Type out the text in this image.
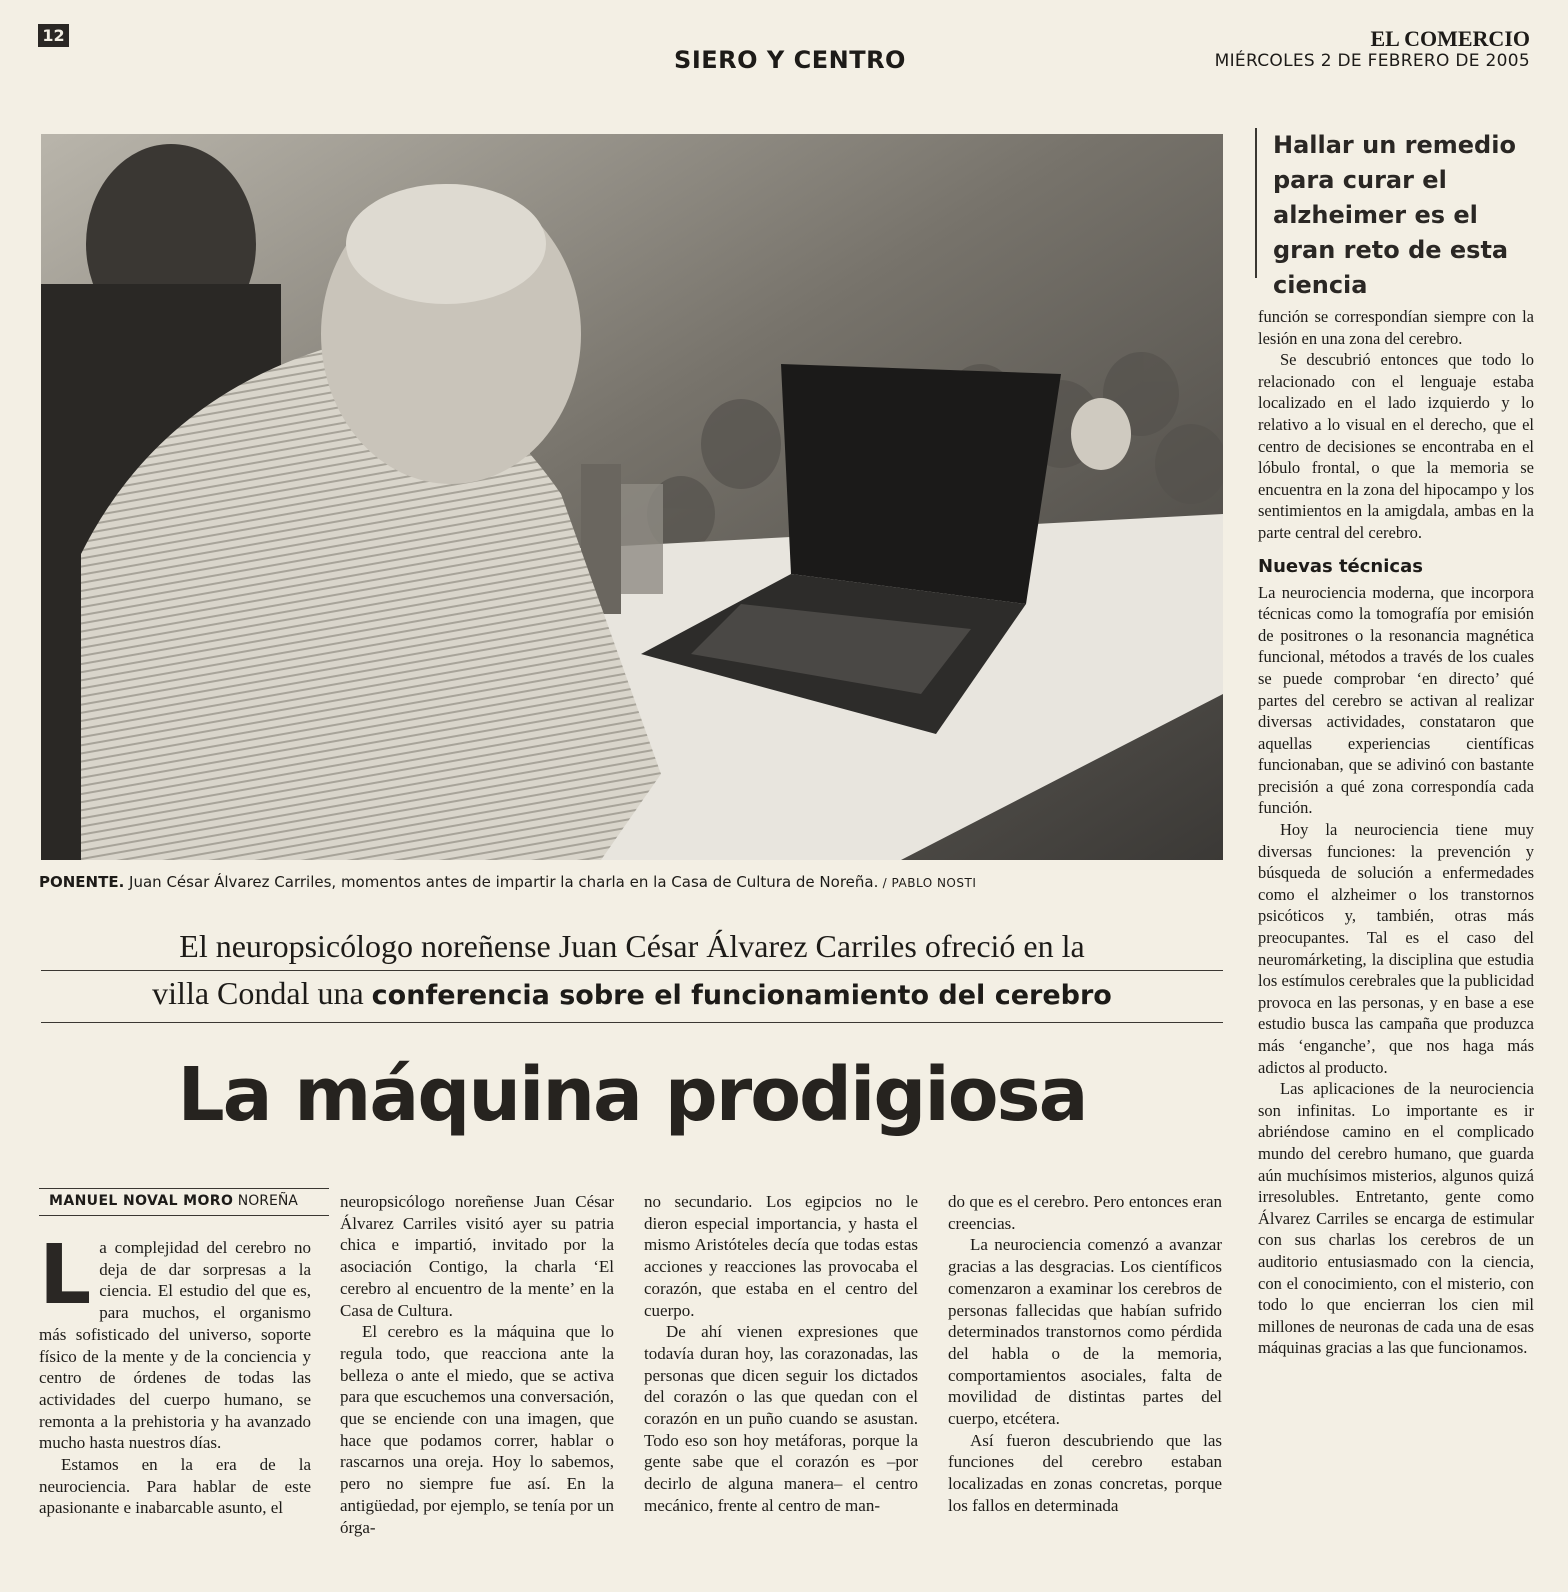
12
SIERO Y CENTRO
EL COMERCIO
MIÉRCOLES 2 DE FEBRERO DE 2005
PONENTE. Juan César Álvarez Carriles, momentos antes de impartir la charla en la Casa de Cultura de Noreña. / PABLO NOSTI
El neuropsicólogo noreñense Juan César Álvarez Carriles ofreció en la
villa Condal una conferencia sobre el funcionamiento del cerebro
La máquina prodigiosa
MANUEL NOVAL MORO NOREÑA

La complejidad del cerebro no deja de dar sorpresas a la ciencia. El estudio del que es, para muchos, el organismo más sofisticado del universo, soporte físico de la mente y de la conciencia y centro de órdenes de todas las actividades del cuerpo humano, se remonta a la prehistoria y ha avanzado mucho hasta nuestros días.

Estamos en la era de la neurociencia. Para hablar de este apasionante e inabarcable asunto, el

neuropsicólogo noreñense Juan César Álvarez Carriles visitó ayer su patria chica e impartió, invitado por la asociación Contigo, la charla ‘El cerebro al encuentro de la mente’ en la Casa de Cultura.

El cerebro es la máquina que lo regula todo, que reacciona ante la belleza o ante el miedo, que se activa para que escuchemos una conversación, que se enciende con una imagen, que hace que podamos correr, hablar o rascarnos una oreja. Hoy lo sabemos, pero no siempre fue así. En la antigüedad, por ejemplo, se tenía por un órga-

no secundario. Los egipcios no le dieron especial importancia, y hasta el mismo Aristóteles decía que todas estas acciones y reacciones las provocaba el corazón, que estaba en el centro del cuerpo.

De ahí vienen expresiones que todavía duran hoy, las corazonadas, las personas que dicen seguir los dictados del corazón o las que quedan con el corazón en un puño cuando se asustan. Todo eso son hoy metáforas, porque la gente sabe que el corazón es –por decirlo de alguna manera– el centro mecánico, frente al centro de man-

do que es el cerebro. Pero entonces eran creencias.

La neurociencia comenzó a avanzar gracias a las desgracias. Los científicos comenzaron a examinar los cerebros de personas fallecidas que habían sufrido determinados transtornos como pérdida del habla o de la memoria, comportamientos asociales, falta de movilidad de distintas partes del cuerpo, etcétera.

Así fueron descubriendo que las funciones del cerebro estaban localizadas en zonas concretas, porque los fallos en determinada

Hallar un remedio para curar el alzheimer es el gran reto de esta ciencia

función se correspondían siempre con la lesión en una zona del cerebro.

Se descubrió entonces que todo lo relacionado con el lenguaje estaba localizado en el lado izquierdo y lo relativo a lo visual en el derecho, que el centro de decisiones se encontraba en el lóbulo frontal, o que la memoria se encuentra en la zona del hipocampo y los sentimientos en la amigdala, ambas en la parte central del cerebro.

Nuevas técnicas

La neurociencia moderna, que incorpora técnicas como la tomografía por emisión de positrones o la resonancia magnética funcional, métodos a través de los cuales se puede comprobar ‘en directo’ qué partes del cerebro se activan al realizar diversas actividades, constataron que aquellas experiencias científicas funcionaban, que se adivinó con bastante precisión a qué zona correspondía cada función.

Hoy la neurociencia tiene muy diversas funciones: la prevención y búsqueda de solución a enfermedades como el alzheimer o los transtornos psicóticos y, también, otras más preocupantes. Tal es el caso del neuromárketing, la disciplina que estudia los estímulos cerebrales que la publicidad provoca en las personas, y en base a ese estudio busca las campaña que produzca más ‘enganche’, que nos haga más adictos al producto.

Las aplicaciones de la neurociencia son infinitas. Lo importante es ir abriéndose camino en el complicado mundo del cerebro humano, que guarda aún muchísimos misterios, algunos quizá irresolubles. Entretanto, gente como Álvarez Carriles se encarga de estimular con sus charlas los cerebros de un auditorio entusiasmado con la ciencia, con el conocimiento, con el misterio, con todo lo que encierran los cien mil millones de neuronas de cada una de esas máquinas gracias a las que funcionamos.
